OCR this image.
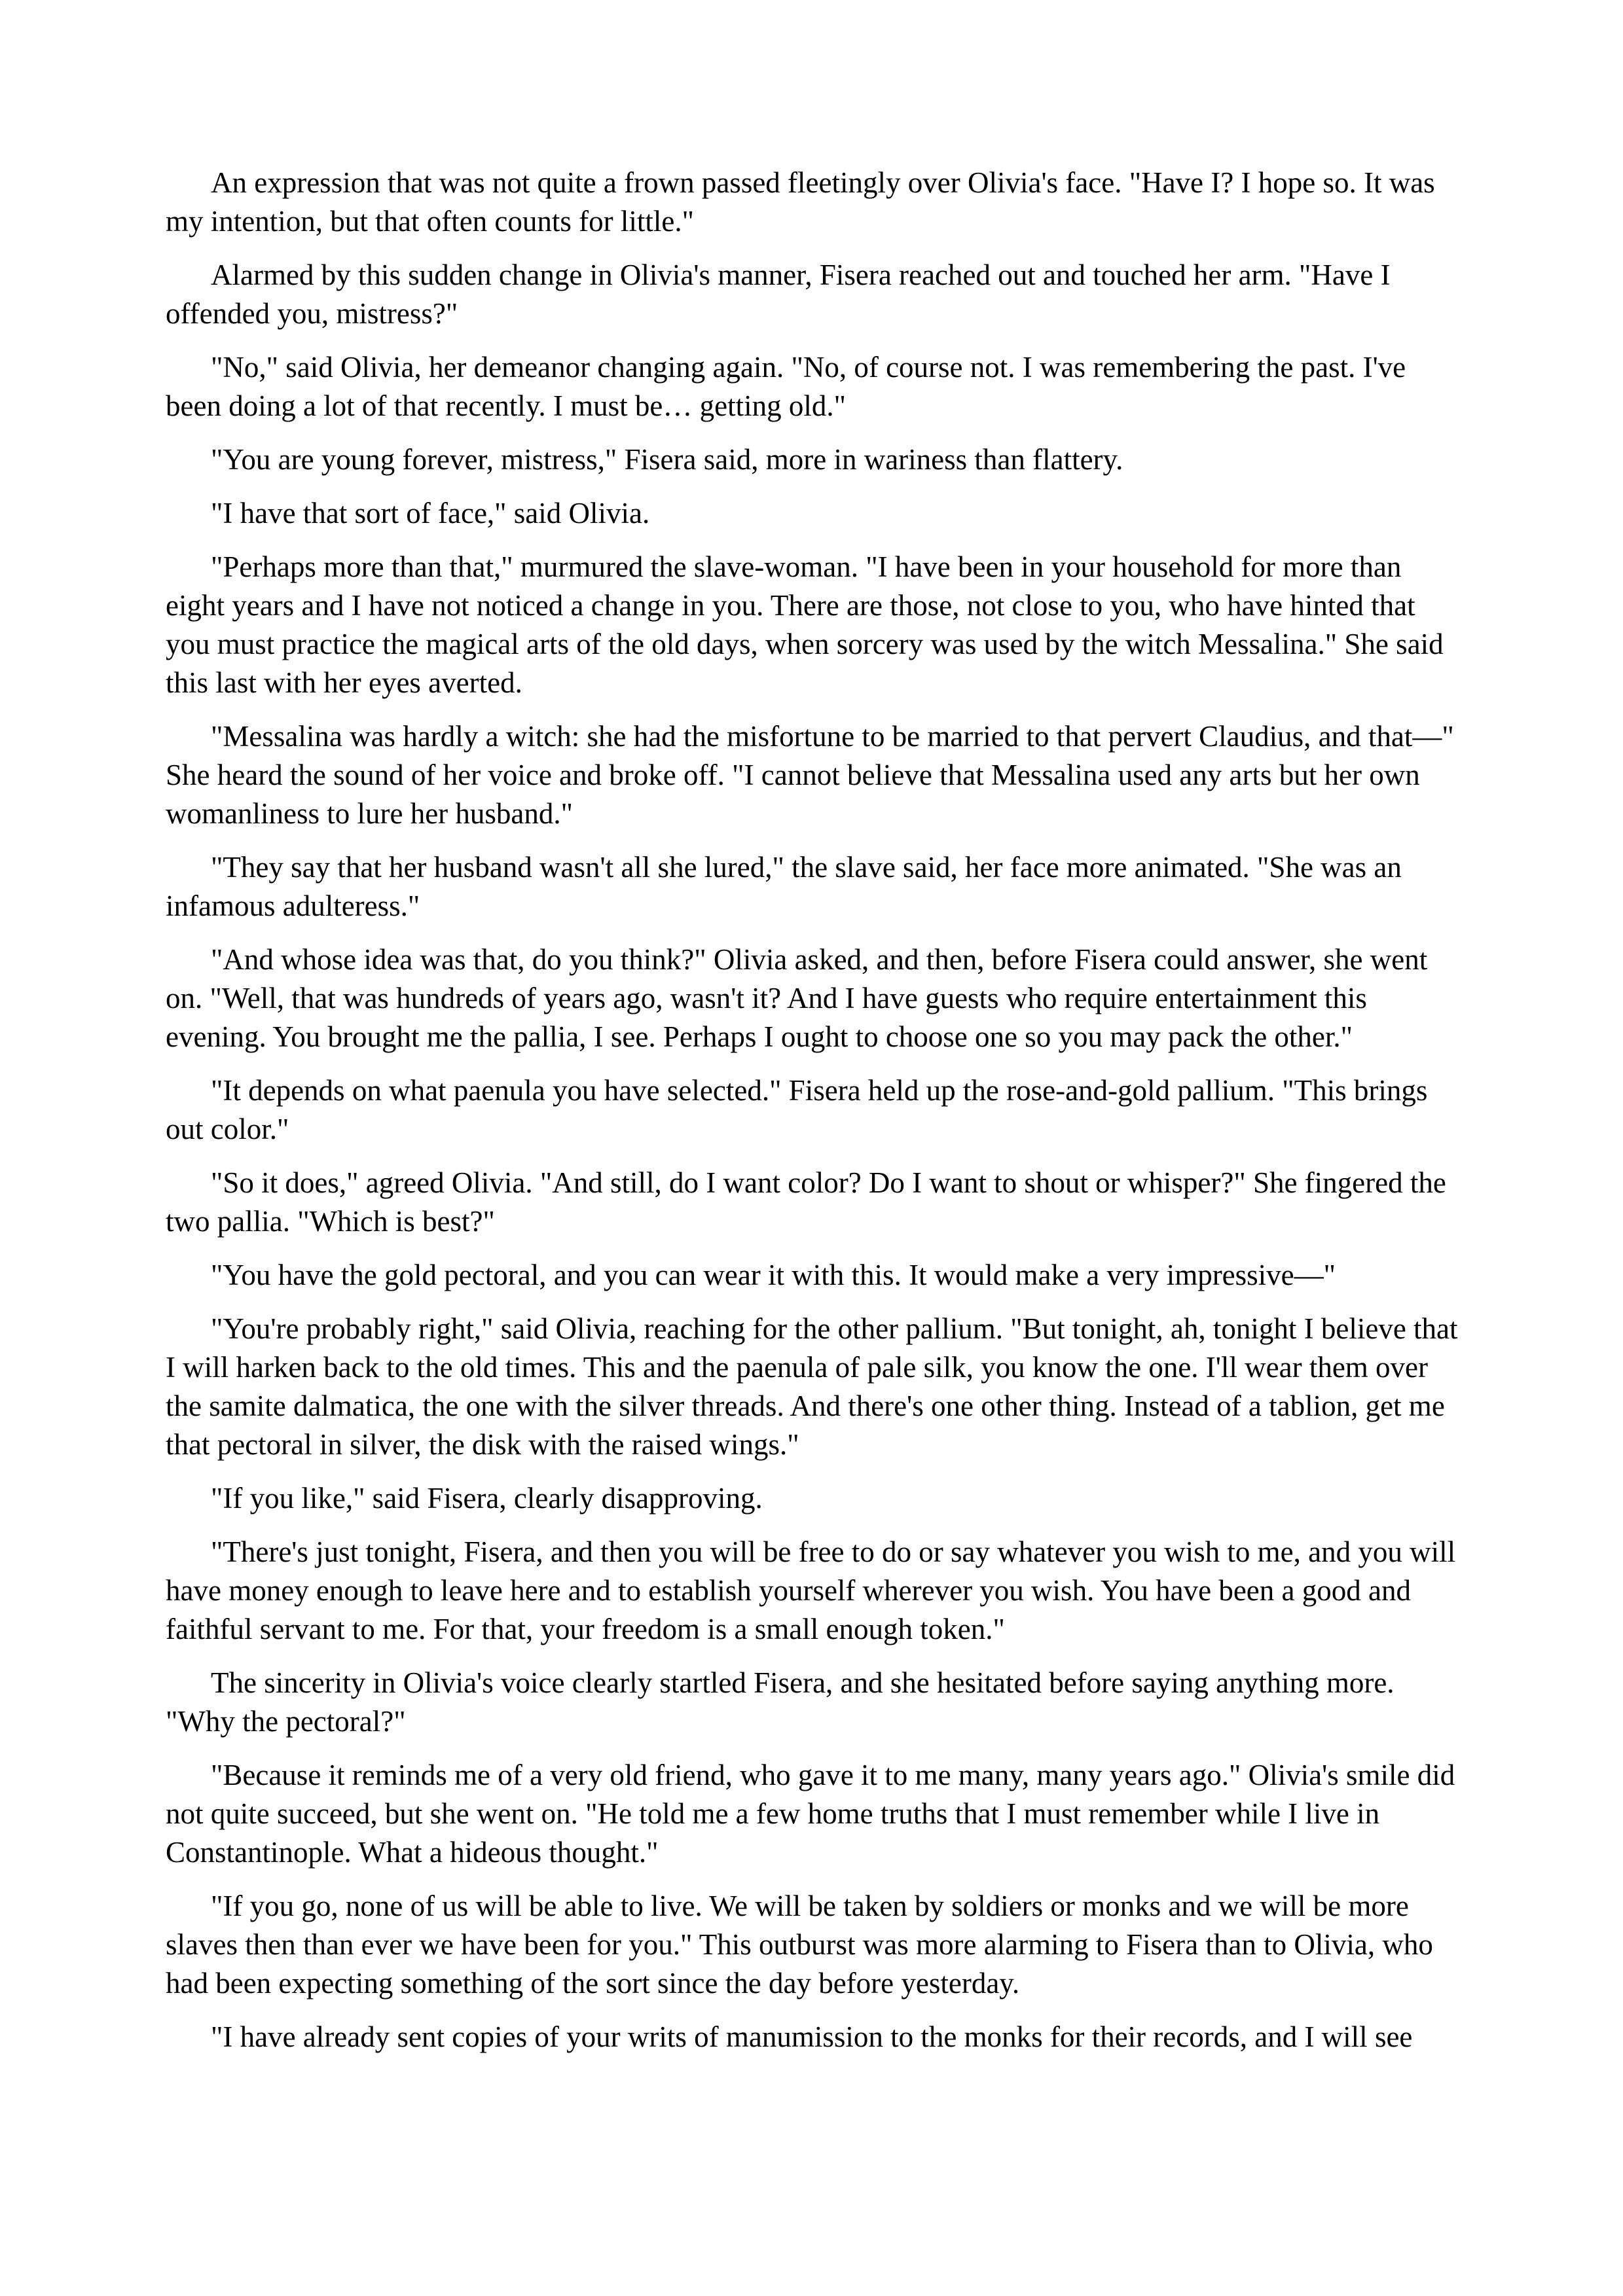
An expression that was not quite a frown passed fleetingly over Olivia's face. "Have I? I hope so. It was my intention, but that often counts for little."

Alarmed by this sudden change in Olivia's manner, Fisera reached out and touched her arm. "Have I offended you, mistress?"

"No," said Olivia, her demeanor changing again. "No, of course not. I was remembering the past. I've been doing a lot of that recently. I must be… getting old."

"You are young forever, mistress," Fisera said, more in wariness than flattery.

"I have that sort of face," said Olivia.

"Perhaps more than that," murmured the slave-woman. "I have been in your household for more than eight years and I have not noticed a change in you. There are those, not close to you, who have hinted that you must practice the magical arts of the old days, when sorcery was used by the witch Messalina." She said this last with her eyes averted.

"Messalina was hardly a witch: she had the misfortune to be married to that pervert Claudius, and that—" She heard the sound of her voice and broke off. "I cannot believe that Messalina used any arts but her own womanliness to lure her husband."

"They say that her husband wasn't all she lured," the slave said, her face more animated. "She was an infamous adulteress."

"And whose idea was that, do you think?" Olivia asked, and then, before Fisera could answer, she went on. "Well, that was hundreds of years ago, wasn't it? And I have guests who require entertainment this evening. You brought me the pallia, I see. Perhaps I ought to choose one so you may pack the other."

"It depends on what paenula you have selected." Fisera held up the rose-and-gold pallium. "This brings out color."

"So it does," agreed Olivia. "And still, do I want color? Do I want to shout or whisper?" She fingered the two pallia. "Which is best?"

"You have the gold pectoral, and you can wear it with this. It would make a very impressive—"

"You're probably right," said Olivia, reaching for the other pallium. "But tonight, ah, tonight I believe that I will harken back to the old times. This and the paenula of pale silk, you know the one. I'll wear them over the samite dalmatica, the one with the silver threads. And there's one other thing. Instead of a tablion, get me that pectoral in silver, the disk with the raised wings."

"If you like," said Fisera, clearly disapproving.

"There's just tonight, Fisera, and then you will be free to do or say whatever you wish to me, and you will have money enough to leave here and to establish yourself wherever you wish. You have been a good and faithful servant to me. For that, your freedom is a small enough token."

The sincerity in Olivia's voice clearly startled Fisera, and she hesitated before saying anything more. "Why the pectoral?"

"Because it reminds me of a very old friend, who gave it to me many, many years ago." Olivia's smile did not quite succeed, but she went on. "He told me a few home truths that I must remember while I live in Constantinople. What a hideous thought."

"If you go, none of us will be able to live. We will be taken by soldiers or monks and we will be more slaves then than ever we have been for you." This outburst was more alarming to Fisera than to Olivia, who had been expecting something of the sort since the day before yesterday.

"I have already sent copies of your writs of manumission to the monks for their records, and I will see
